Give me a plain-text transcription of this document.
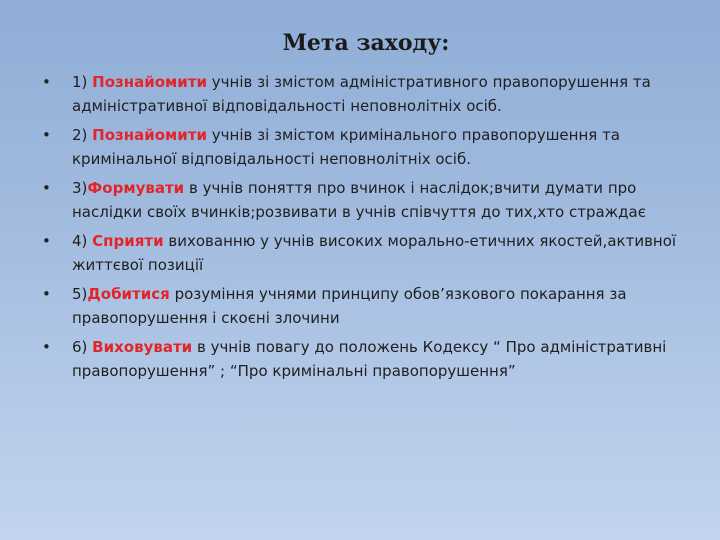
Мета заходу:
• 1) Познайомити учнів зі змістом адміністративного правопорушення та адміністративної відповідальності неповнолітніх осіб.
• 2) Познайомити учнів зі змістом кримінального правопорушення та кримінальної відповідальності неповнолітніх осіб.
• 3)Формувати в учнів поняття про вчинок і наслідок;вчити думати про наслідки своїх вчинків;розвивати в учнів співчуття до тих,хто страждає
• 4) Сприяти вихованню у учнів високих морально-етичних якостей,активної життєвої позиції
• 5)Добитися розуміння учнями принципу обов’язкового покарання за правопорушення і скоєні злочини
• 6) Виховувати в учнів повагу до положень Кодексу “ Про адміністративні правопорушення” ; “Про кримінальні правопорушення”
